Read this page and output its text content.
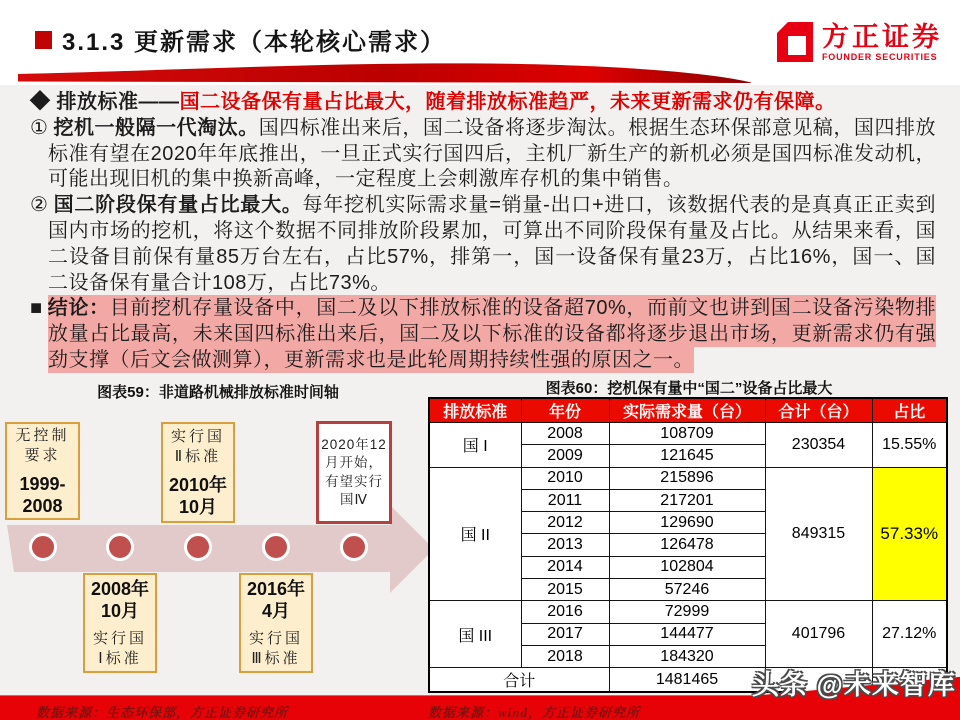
3.1.3 更新需求（本轮核心需求）	方正证券
FOUNDER SECURITIES
◆ 排放标准——国二设备保有量占比最大，随着排放标准趋严，未来更新需求仍有保障。
① 挖机一般隔一代淘汰。国四标准出来后，国二设备将逐步淘汰。根据生态环保部意见稿，国四排放标准有望在2020年年底推出，一旦正式实行国四后，主机厂新生产的新机必须是国四标准发动机，可能出现旧机的集中换新高峰，一定程度上会刺激库存机的集中销售。
② 国二阶段保有量占比最大。每年挖机实际需求量=销量-出口+进口，该数据代表的是真真正正卖到国内市场的挖机，将这个数据不同排放阶段累加，可算出不同阶段保有量及占比。从结果来看，国二设备目前保有量85万台左右，占比57%，排第一，国一设备保有量23万，占比16%，国一、国二设备保有量合计108万，占比73%。
■ 结论：目前挖机存量设备中，国二及以下排放标准的设备超70%，而前文也讲到国二设备污染物排放量占比最高，未来国四标准出来后，国二及以下标准的设备都将逐步退出市场，更新需求仍有强劲支撑（后文会做测算），更新需求也是此轮周期持续性强的原因之一。
图表59：非道路机械排放标准时间轴	图表60：挖机保有量中“国二”设备占比最大
无控制
要求
1999-
2008
实行国
Ⅱ标准
2010年
10月
2020年12
月开始，
有望实行
国Ⅳ
2008年
10月
实行国
Ⅰ标准
2016年
4月
实行国
Ⅲ标准
排放标准	年份	实际需求量（台）	合计（台）	占比
国 I	2008	108709	230354	15.55%
	2009	121645		
国 II	2010	215896	849315	57.33%
	2011	217201		
	2012	129690		
	2013	126478		
	2014	102804		
	2015	57246		
国 III	2016	72999	401796	27.12%
	2017	144477		
	2018	184320		
合计		1481465		
数据来源：生态环保部，方正证券研究所	数据来源：wind，方正证券研究所
头条 @未来智库
